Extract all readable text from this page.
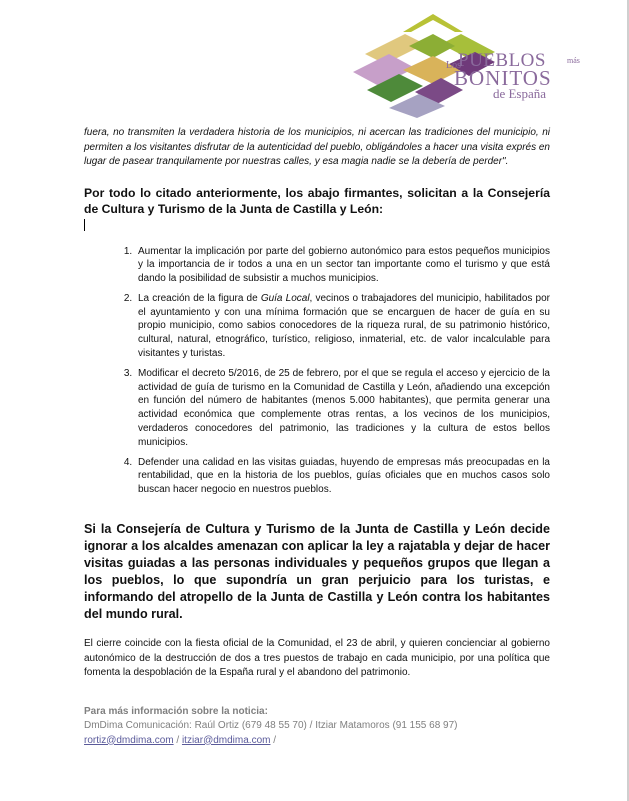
Los
PUEBLOS	más
BONITOS
de España

fuera, no transmiten la verdadera historia de los municipios, ni acercan las tradiciones del municipio, ni permiten a los visitantes disfrutar de la autenticidad del pueblo, obligándoles a hacer una visita exprés en lugar de pasear tranquilamente por nuestras calles, y esa magia nadie se la debería de perder".

Por todo lo citado anteriormente, los abajo firmantes, solicitan a la Consejería de Cultura y Turismo de la Junta de Castilla y León:

1. Aumentar la implicación por parte del gobierno autonómico para estos pequeños municipios y la importancia de ir todos a una en un sector tan importante como el turismo y que está dando la posibilidad de subsistir a muchos municipios.
2. La creación de la figura de Guía Local, vecinos o trabajadores del municipio, habilitados por el ayuntamiento y con una mínima formación que se encarguen de hacer de guía en su propio municipio, como sabios conocedores de la riqueza rural, de su patrimonio histórico, cultural, natural, etnográfico, turístico, religioso, inmaterial, etc. de valor incalculable para visitantes y turistas.
3. Modificar el decreto 5/2016, de 25 de febrero, por el que se regula el acceso y ejercicio de la actividad de guía de turismo en la Comunidad de Castilla y León, añadiendo una excepción en función del número de habitantes (menos 5.000 habitantes), que permita generar una actividad económica que complemente otras rentas, a los vecinos de los municipios, verdaderos conocedores del patrimonio, las tradiciones y la cultura de estos bellos municipios.
4. Defender una calidad en las visitas guiadas, huyendo de empresas más preocupadas en la rentabilidad, que en la historia de los pueblos, guías oficiales que en muchos casos solo buscan hacer negocio en nuestros pueblos.

Si la Consejería de Cultura y Turismo de la Junta de Castilla y León decide ignorar a los alcaldes amenazan con aplicar la ley a rajatabla y dejar de hacer visitas guiadas a las personas individuales y pequeños grupos que llegan a los pueblos, lo que supondría un gran perjuicio para los turistas, e informando del atropello de la Junta de Castilla y León contra los habitantes del mundo rural.

El cierre coincide con la fiesta oficial de la Comunidad, el 23 de abril, y quieren concienciar al gobierno autonómico de la destrucción de dos a tres puestos de trabajo en cada municipio, por una política que fomenta la despoblación de la España rural y el abandono del patrimonio.

Para más información sobre la noticia:
DmDima Comunicación: Raúl Ortiz (679 48 55 70) / Itziar Matamoros (91 155 68 97)
rortiz@dmdima.com / itziar@dmdima.com /
